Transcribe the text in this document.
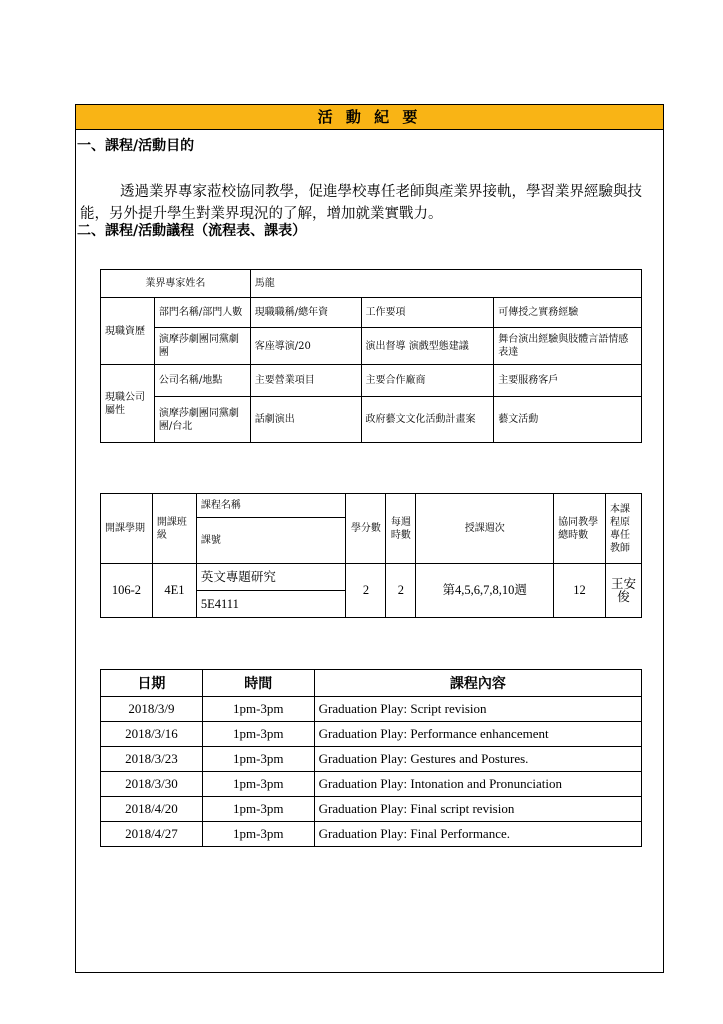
活 動 紀 要
一、課程/活動目的
透過業界專家蒞校協同教學，促進學校專任老師與產業界接軌，學習業界經驗與技能，另外提升學生對業界現況的了解，增加就業實戰力。
二、課程/活動議程（流程表、課表）
業界專家姓名		馬龍		
現職資歷	部門名稱/部門人數	現職職稱/總年資	工作要項	可傳授之實務經驗
	演摩莎劇團同黨劇團	客座導演/20	演出督導 演戲型態建議	舞台演出經驗與肢體言語情感表達
現職公司屬性	公司名稱/地點	主要營業項目	主要合作廠商	主要服務客戶
	演摩莎劇團同黨劇團/台北	話劇演出	政府藝文文化活動計畫案	藝文活動
開課學期	開課班級	課程名稱	學分數	每週時數	授課週次	協同教學總時數	本課程原專任教師
		課號					
106-2	4E1	英文專題研究	2	2	第4,5,6,7,8,10週	12	王安俊
		5E4111					
日期	時間	課程內容
2018/3/9	1pm-3pm	Graduation Play: Script revision
2018/3/16	1pm-3pm	Graduation Play: Performance enhancement
2018/3/23	1pm-3pm	Graduation Play: Gestures and Postures.
2018/3/30	1pm-3pm	Graduation Play: Intonation and Pronunciation
2018/4/20	1pm-3pm	Graduation Play: Final script revision
2018/4/27	1pm-3pm	Graduation Play: Final Performance.
